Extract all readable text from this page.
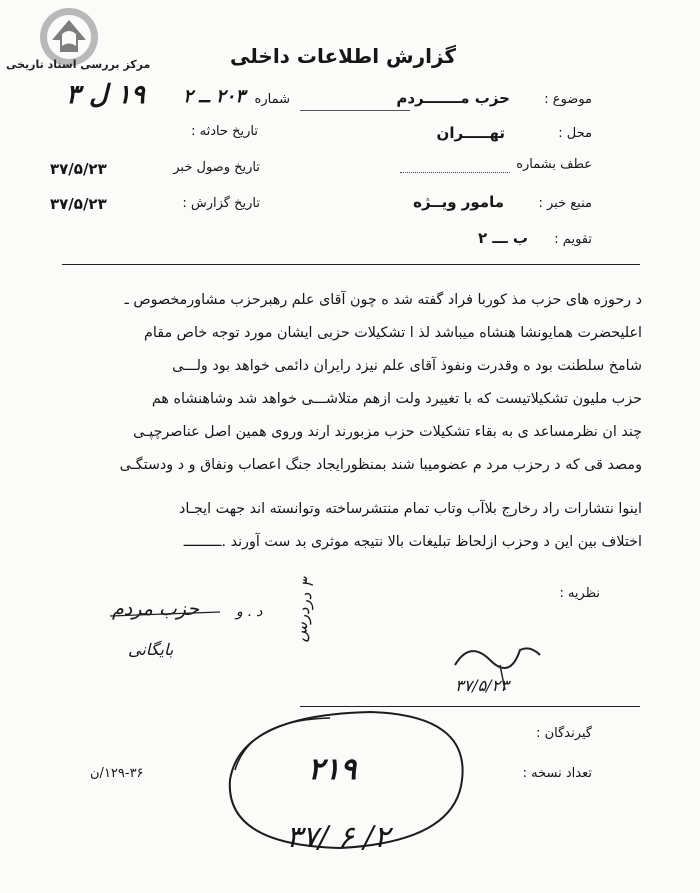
مرکز بررسی اسناد تاریخی	گزارش اطلاعات داخلی
موضوع :
حزب مـــــــردم
شماره
۲۰۳ ــ ۲
۱۹ ل ۳
محل :
تهـــــران
تاریخ حادثه :
عطف بشماره
تاریخ وصول خبر
۳۷/۵/۲۳
منبع خبر :
مامور ویــژه
تاریخ گزارش :
۳۷/۵/۲۳
تقویم :
ب ـــ ۲
د رحوزه های حزب مذ کوربا فراد گفته شد ه چون آقای علم رهبرحزب مشاورمخصوص ـ
اعلیحضرت همایونشا هنشاه میباشد لذ ا تشکیلات حزبی ایشان مورد توجه خاص مقام
شامخ سلطنت بود ه وقدرت ونفوذ آقای علم نیزد رایران دائمی خواهد بود ولـــی
حزب ملیون تشکیلاتیست که با تغییرد ولت ازهم متلاشـــی خواهد شد وشاهنشاه هم
چند ان نظرمساعد ی به بقاء تشکیلات حزب مزبورند ارند وروی همین اصل عناصرچپـی
ومصد قی که د رحزب مرد م عضومیبا شند بمنظورایجاد جنگ اعصاب ونفاق و د ودستگـی
اینوا نتشارات راد رخارج بلاآب وتاب تمام منتشرساخته وتوانسته اند جهت ایجـاد
اختلاف بین این د وحزب ازلحاظ تبلیغات بالا نتیجه موثری بد ست آورند .ـــــــــ
نظریه :
حزب مردم	د . و
بایگانی
۳ دردرس
۳۷/۵/۲۳
۲۱۹
۳۷/ ۶ /۲
گیرندگان :
تعداد نسخه :
۱۲۹-۳۶/ن
